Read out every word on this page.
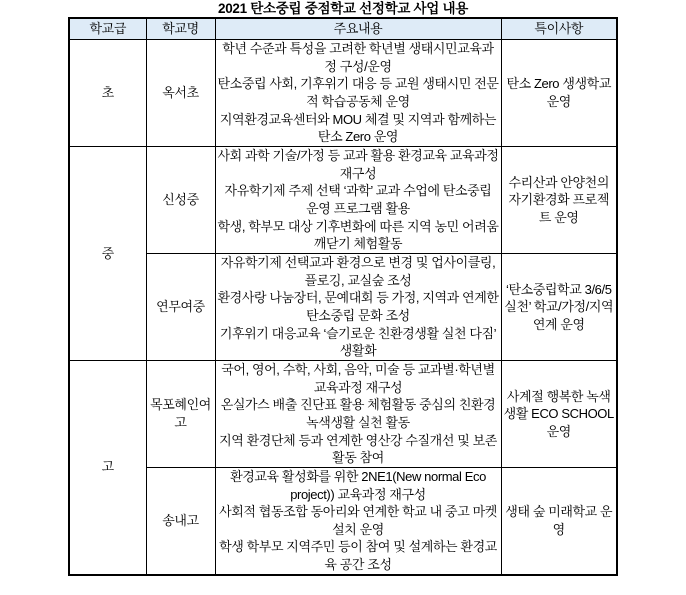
2021 탄소중립 중점학교 선정학교 사업 내용
학교급	학교명	주요내용	특이사항
초	옥서초	학년 수준과 특성을 고려한 학년별 생태시민교육과정 구성/운영

탄소중립 사회, 기후위기 대응 등 교원 생태시민 전문적 학습공동체 운영

지역환경교육센터와 MOU 체결 및 지역과 함께하는 탄소 Zero 운영	탄소 Zero 생생학교 운영
중	신성중	사회 과학 기술/가정 등 교과 활용 환경교육 교육과정 재구성

자유학기제 주제 선택 ‘과학’ 교과 수업에 탄소중립 운영 프로그램 활용

학생, 학부모 대상 기후변화에 따른 지역 농민 어려움 깨닫기 체험활동	수리산과 안양천의 자기환경화 프로젝트 운영
	연무여중	자유학기제 선택교과 환경으로 변경 및 업사이클링, 플로깅, 교실숲 조성

환경사랑 나눔장터, 문예대회 등 가정, 지역과 연계한 탄소중립 문화 조성

기후위기 대응교육 ‘슬기로운 친환경생활 실천 다짐’ 생활화	‘탄소중립학교 3/6/5 실천’ 학교/가정/지역 연계 운영
고	목포혜인여고	국어, 영어, 수학, 사회, 음악, 미술 등 교과별·학년별 교육과정 재구성

온실가스 배출 진단표 활용 체험활동 중심의 친환경 녹색생활 실천 활동

지역 환경단체 등과 연계한 영산강 수질개선 및 보존 활동 참여	사계절 행복한 녹색 생활 ECO SCHOOL 운영
	송내고	환경교육 활성화를 위한 2NE1(New normal Eco project)) 교육과정 재구성

사회적 협동조합 동아리와 연계한 학교 내 중고 마켓 설치 운영

학생 학부모 지역주민 등이 참여 및 설계하는 환경교육 공간 조성	생태 숲 미래학교 운영
